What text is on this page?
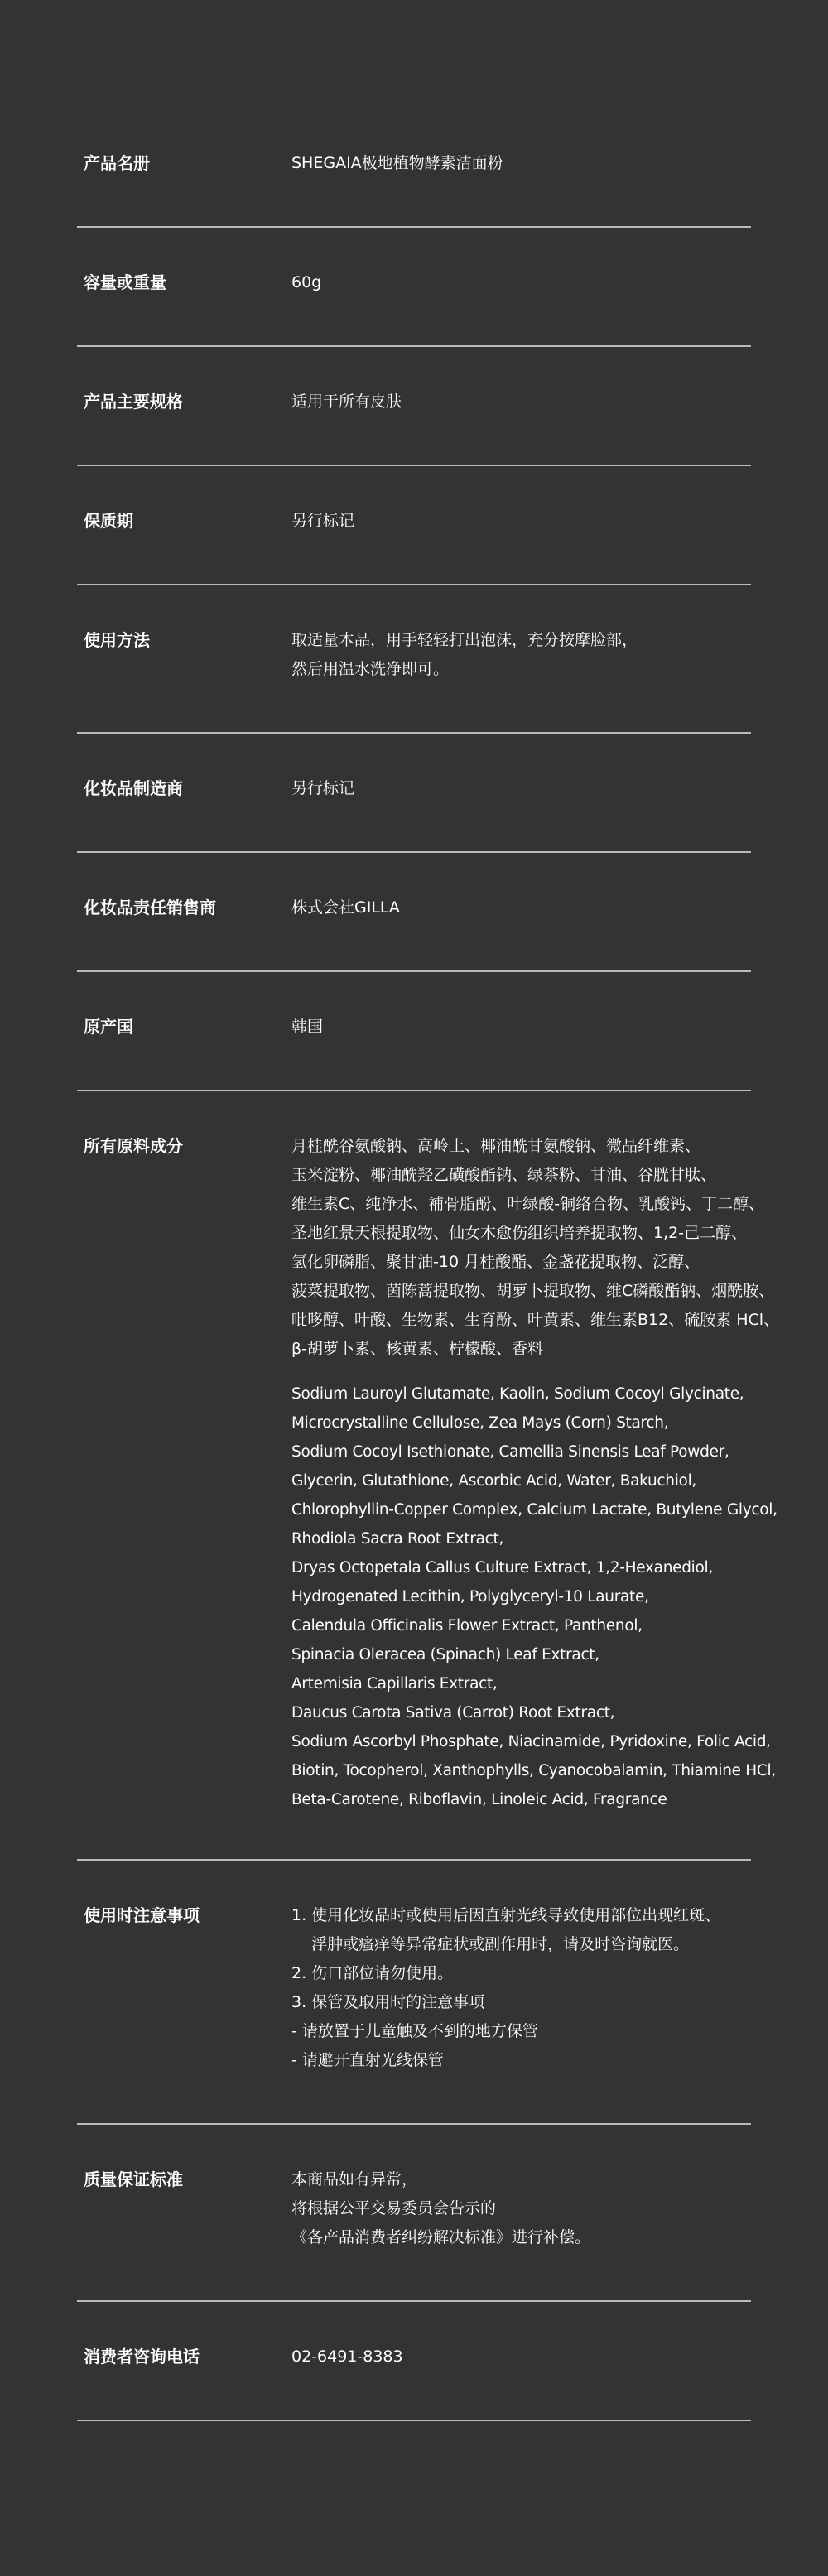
产品名册	SHEGAIA极地植物酵素洁面粉

容量或重量	60g

产品主要规格	适用于所有皮肤

保质期	另行标记

使用方法	取适量本品，用手轻轻打出泡沫，充分按摩脸部，

然后用温水洗净即可。

化妆品制造商	另行标记

化妆品责任销售商	株式会社GILLA

原产国	韩国

所有原料成分	月桂酰谷氨酸钠、高岭土、椰油酰甘氨酸钠、微晶纤维素、

玉米淀粉、椰油酰羟乙磺酸酯钠、绿茶粉、甘油、谷胱甘肽、

维生素C、纯净水、補骨脂酚、叶绿酸-铜络合物、乳酸钙、丁二醇、

圣地红景天根提取物、仙女木愈伤组织培养提取物、1,2-己二醇、

氢化卵磷脂、聚甘油-10 月桂酸酯、金盏花提取物、泛醇、

菠菜提取物、茵陈蒿提取物、胡萝卜提取物、维C磷酸酯钠、烟酰胺、

吡哆醇、叶酸、生物素、生育酚、叶黄素、维生素B12、硫胺素 HCl、

β-胡萝卜素、核黄素、柠檬酸、香料

Sodium Lauroyl Glutamate, Kaolin, Sodium Cocoyl Glycinate,

Microcrystalline Cellulose, Zea Mays (Corn) Starch,

Sodium Cocoyl Isethionate, Camellia Sinensis Leaf Powder,

Glycerin, Glutathione, Ascorbic Acid, Water, Bakuchiol,

Chlorophyllin-Copper Complex, Calcium Lactate, Butylene Glycol,

Rhodiola Sacra Root Extract,

Dryas Octopetala Callus Culture Extract, 1,2-Hexanediol,

Hydrogenated Lecithin, Polyglyceryl-10 Laurate,

Calendula Officinalis Flower Extract, Panthenol,

Spinacia Oleracea (Spinach) Leaf Extract,

Artemisia Capillaris Extract,

Daucus Carota Sativa (Carrot) Root Extract,

Sodium Ascorbyl Phosphate, Niacinamide, Pyridoxine, Folic Acid,

Biotin, Tocopherol, Xanthophylls, Cyanocobalamin, Thiamine HCl,

Beta-Carotene, Riboflavin, Linoleic Acid, Fragrance

使用时注意事项	1. 使用化妆品时或使用后因直射光线导致使用部位出现红斑、

浮肿或瘙痒等异常症状或副作用时，请及时咨询就医。

2. 伤口部位请勿使用。

3. 保管及取用时的注意事项

- 请放置于儿童触及不到的地方保管

- 请避开直射光线保管

质量保证标准	本商品如有异常，

将根据公平交易委员会告示的

《各产品消费者纠纷解决标准》进行补偿。

消费者咨询电话	02-6491-8383
